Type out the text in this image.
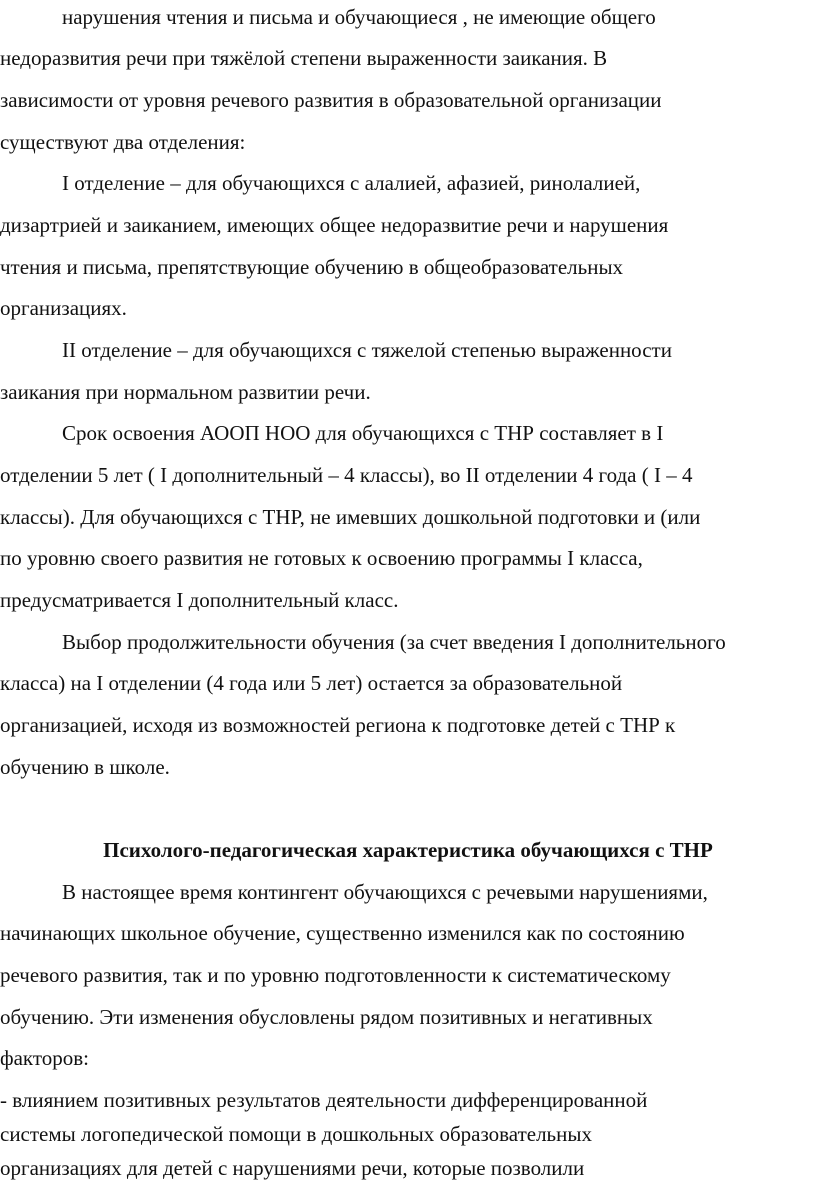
нарушения чтения и письма и обучающиеся , не имеющие общего
недоразвития речи при тяжёлой степени выраженности заикания. В
зависимости от уровня речевого развития в образовательной организации
существуют два отделения:
I отделение – для обучающихся с алалией, афазией, ринолалией,
дизартрией и заиканием, имеющих общее недоразвитие речи и нарушения
чтения и письма, препятствующие обучению в общеобразовательных
организациях.
II отделение – для обучающихся с тяжелой степенью выраженности
заикания при нормальном развитии речи.
Срок освоения АООП НОО для обучающихся с ТНР составляет в I
отделении 5 лет ( I дополнительный – 4 классы), во II отделении 4 года ( I – 4
классы). Для обучающихся с ТНР, не имевших дошкольной подготовки и (или
по уровню своего развития не готовых к освоению программы I класса,
предусматривается I дополнительный класс.
Выбор продолжительности обучения (за счет введения I дополнительного
класса) на I отделении (4 года или 5 лет) остается за образовательной
организацией, исходя из возможностей региона к подготовке детей с ТНР к
обучению в школе.
Психолого-педагогическая характеристика обучающихся с ТНР
В настоящее время контингент обучающихся с речевыми нарушениями,
начинающих школьное обучение, существенно изменился как по состоянию
речевого развития, так и по уровню подготовленности к систематическому
обучению. Эти изменения обусловлены рядом позитивных и негативных
факторов:
- влиянием позитивных результатов деятельности дифференцированной
системы логопедической помощи в дошкольных образовательных
организациях для детей с нарушениями речи, которые позволили
